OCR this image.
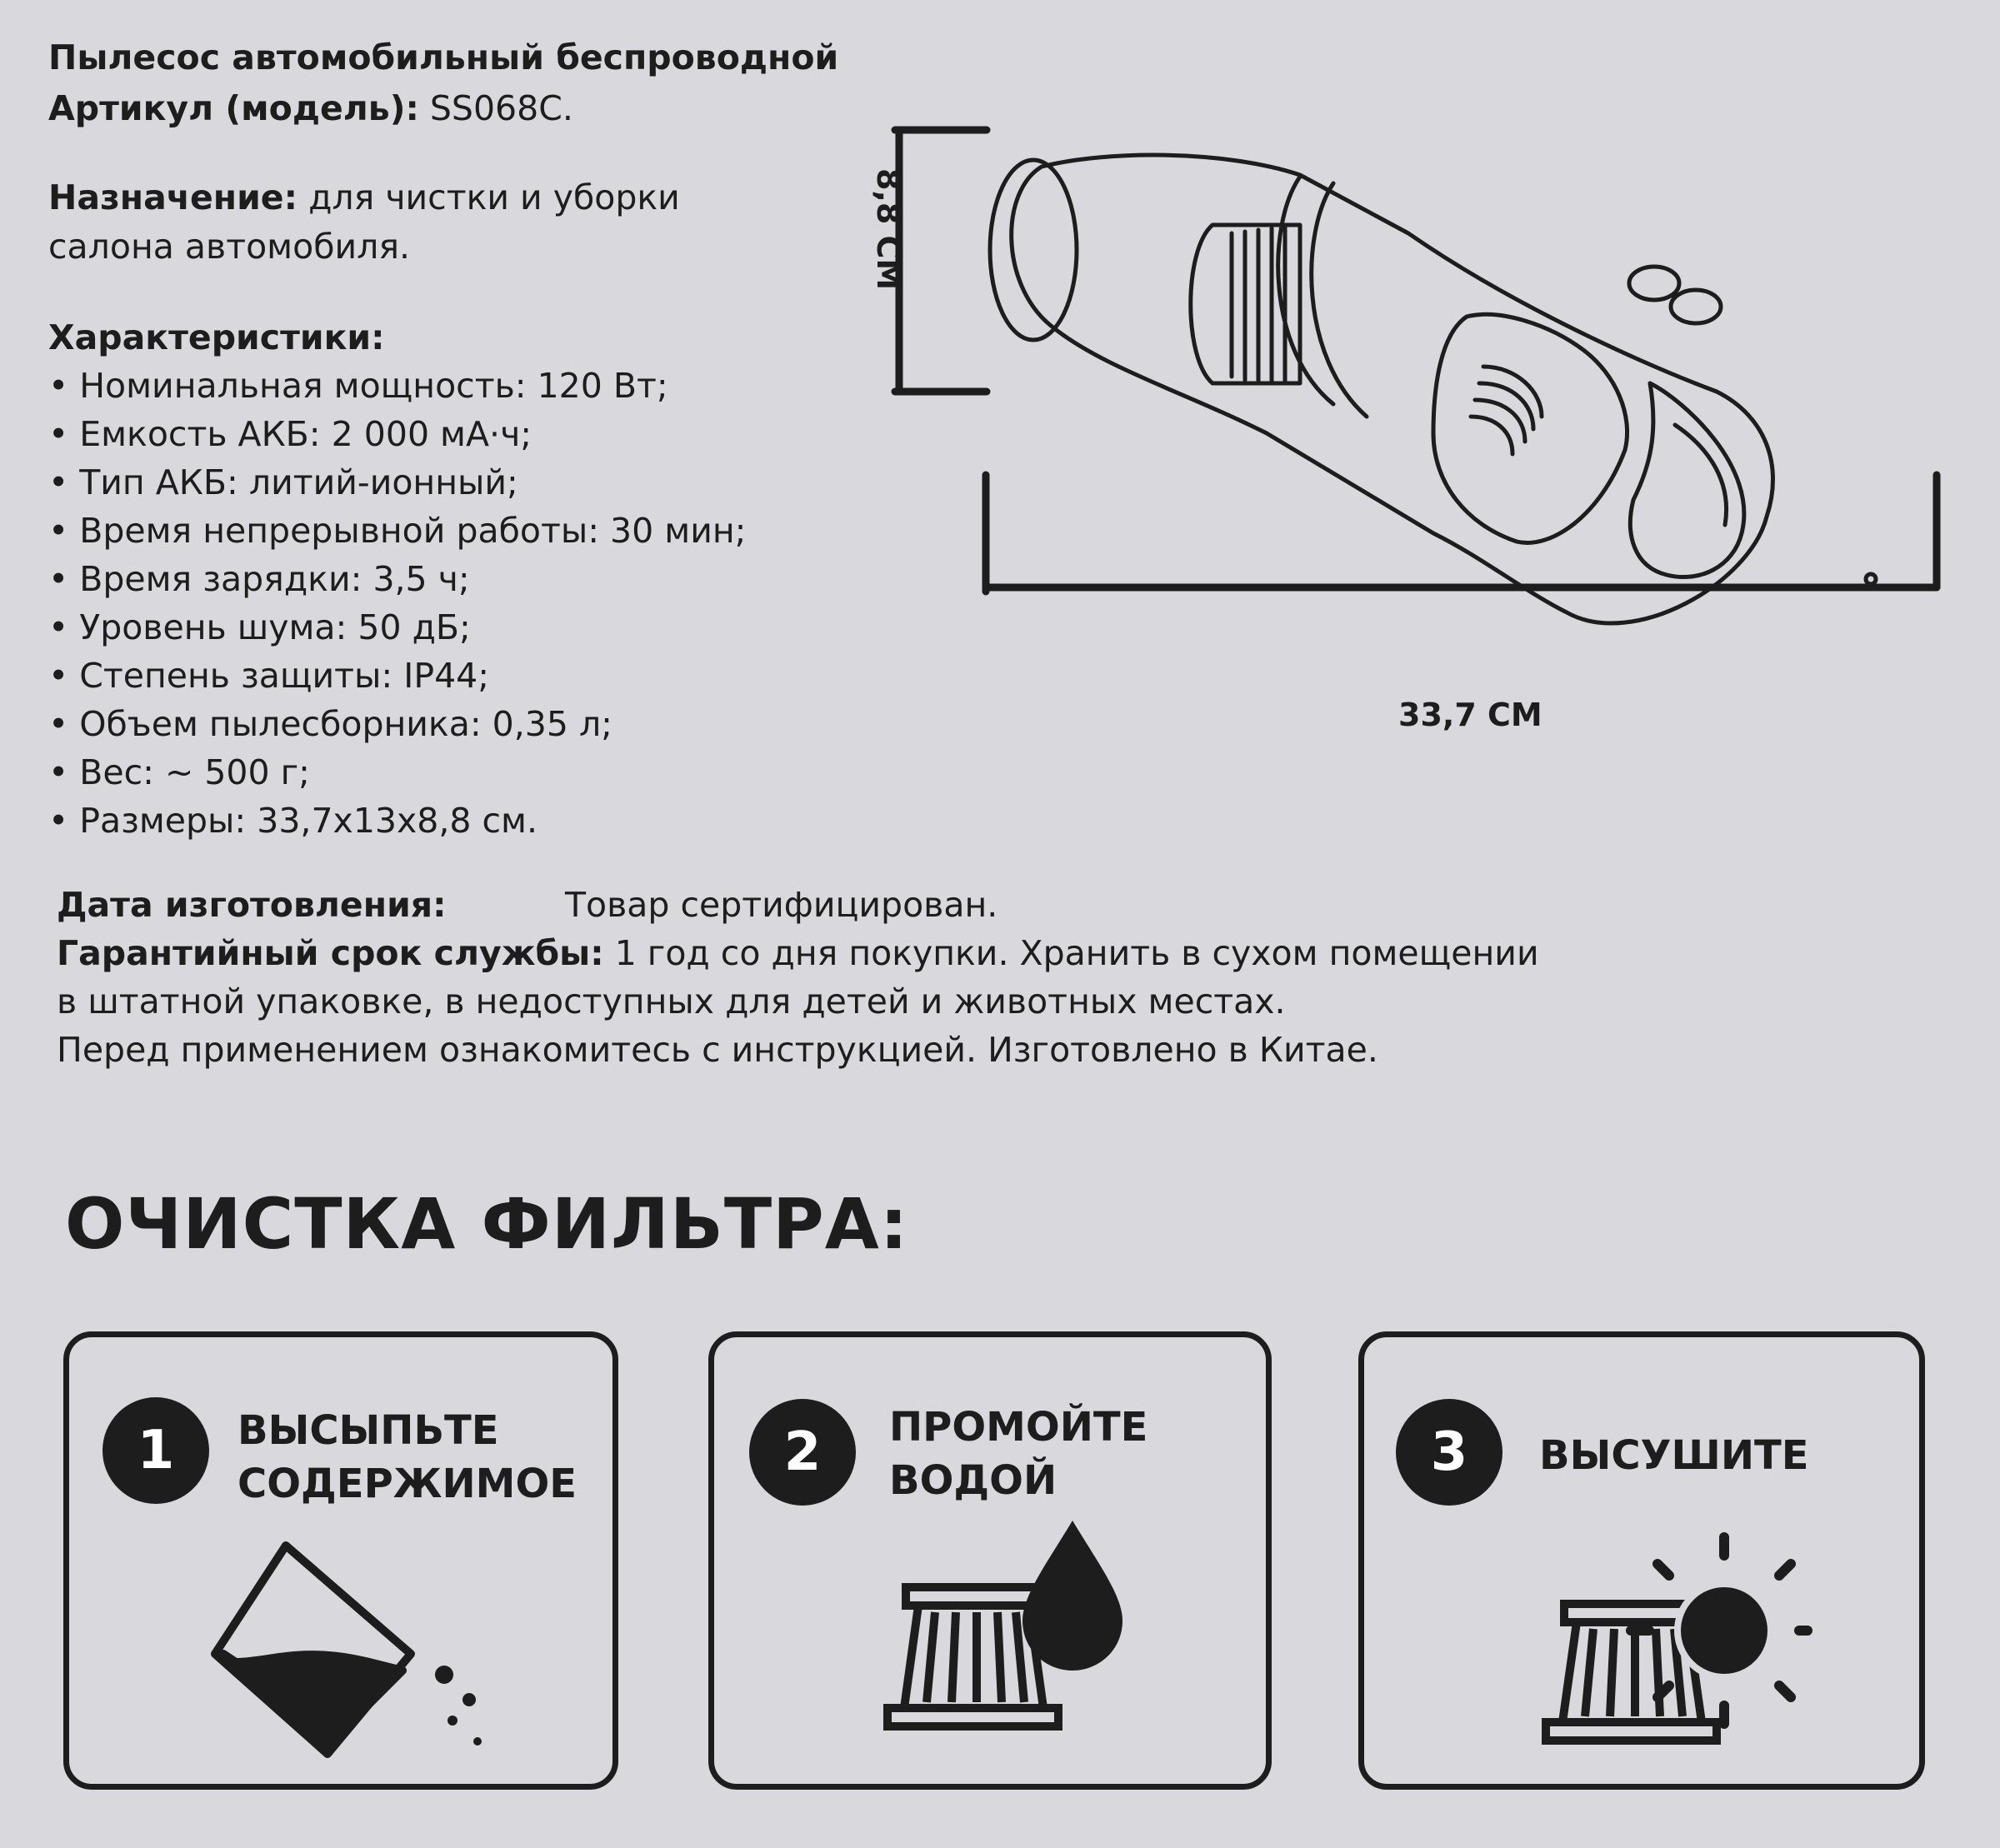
Пылесос автомобильный беспроводной
Артикул (модель): SS068C.
Назначение: для чистки и уборки
салона автомобиля.
Характеристики:
• Номинальная мощность: 120 Вт;
• Емкость АКБ: 2 000 мА·ч;
• Тип АКБ: литий-ионный;
• Время непрерывной работы: 30 мин;
• Время зарядки: 3,5 ч;
• Уровень шума: 50 дБ;
• Степень защиты: IP44;
• Объем пылесборника: 0,35 л;
• Вес: ~ 500 г;
• Размеры: 33,7х13х8,8 см.
Дата изготовления:	Товар сертифицирован.
Гарантийный срок службы: 1 год со дня покупки. Хранить в сухом помещении
в штатной упаковке, в недоступных для детей и животных местах.
Перед применением ознакомитесь с инструкцией. Изготовлено в Китае.
8,8 СМ
33,7 СМ
ОЧИСТКА ФИЛЬТРА:
1	ВЫСЫПЬТЕ
СОДЕРЖИМОЕ
2	ПРОМОЙТЕ
ВОДОЙ	3	ВЫСУШИТЕ
